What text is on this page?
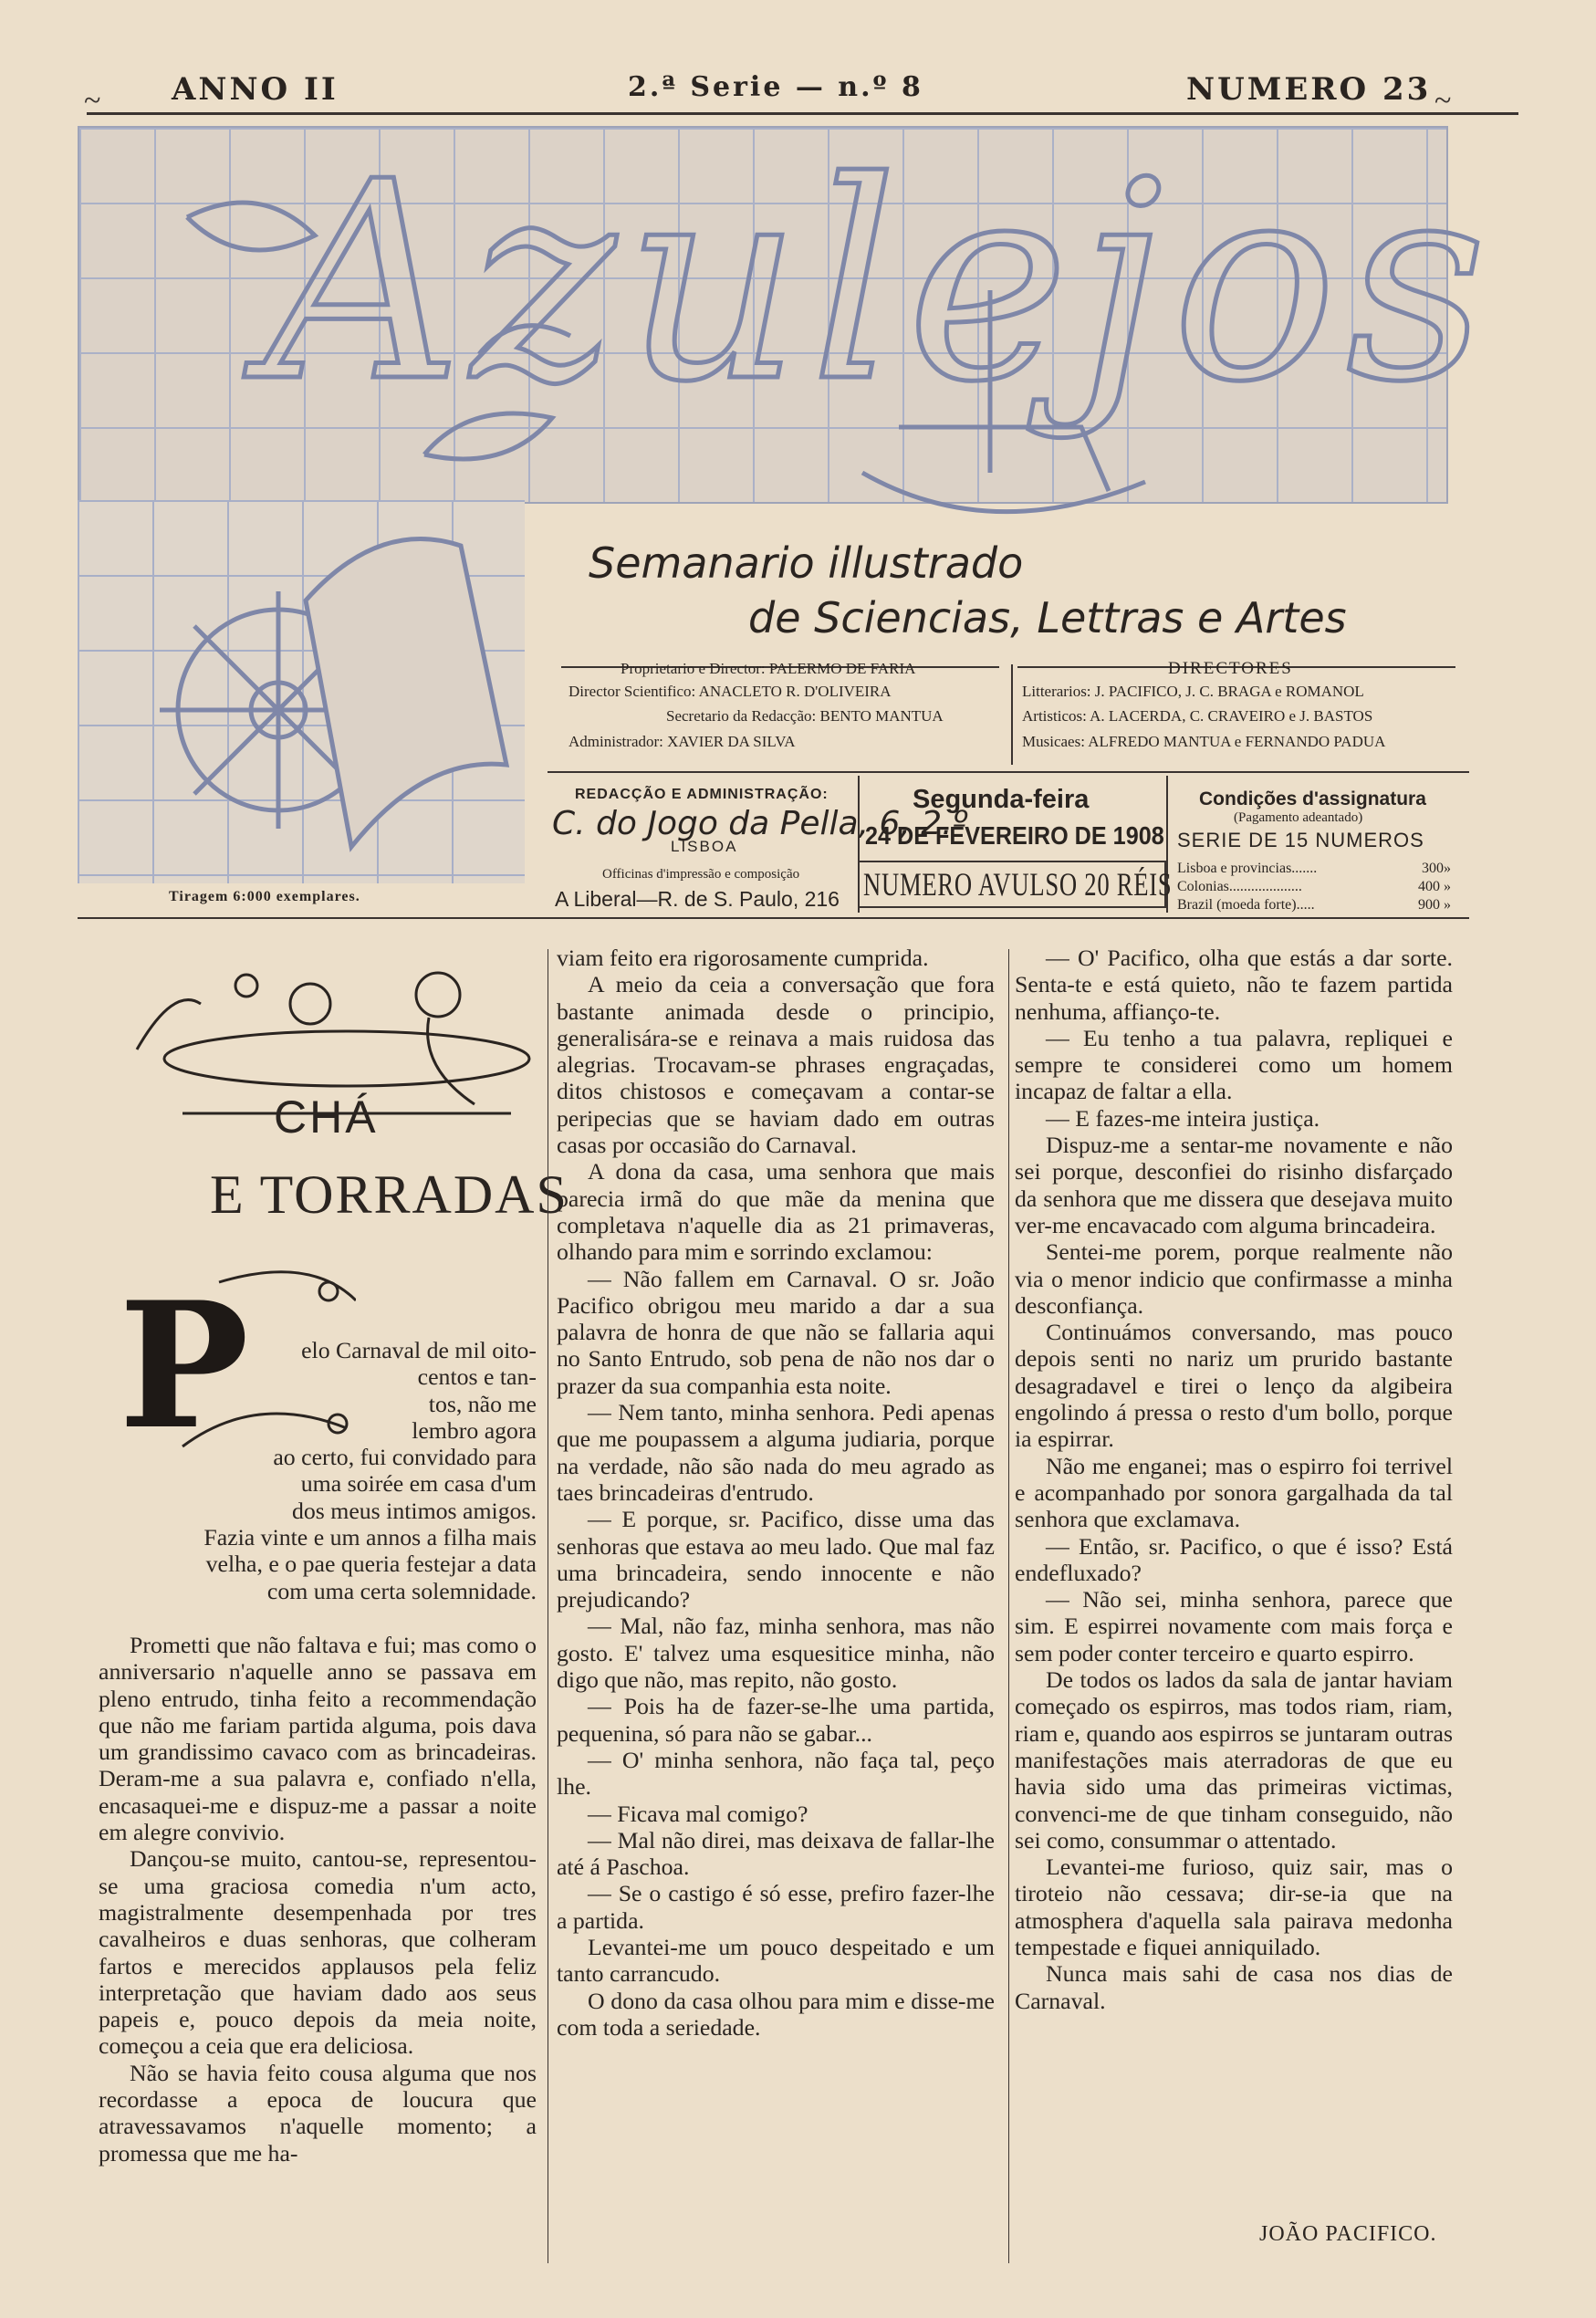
~ ANNO II	2.ª Serie — n.º 8	NUMERO 23 ~
Azulejos
Tiragem 6:000 exemplares.
Semanario illustrado
de Sciencias, Lettras e Artes
Proprietario e Director: PALERMO DE FARIA
Director Scientifico: ANACLETO R. D'OLIVEIRA
Secretario da Redacção: BENTO MANTUA
Administrador: XAVIER DA SILVA
DIRECTORES
Litterarios: J. PACIFICO, J. C. BRAGA e ROMANOL
Artisticos: A. LACERDA, C. CRAVEIRO e J. BASTOS
Musicaes: ALFREDO MANTUA e FERNANDO PADUA
REDACÇÃO E ADMINISTRAÇÃO:
C. do Jogo da Pella, 6, 2.º
LISBOA
Officinas d'impressão e composição
A Liberal—R. de S. Paulo, 216
Segunda-feira
24 DE FEVEREIRO DE 1908
NUMERO AVULSO 20 RÉIS
Condições d'assignatura
(Pagamento adeantado)
SERIE DE 15 NUMEROS
Lisboa e provincias.......	300»
Colonias....................	400 »
Brazil (moeda forte).....	900 »
CHÁ
E TORRADAS
P	elo Carnaval de mil oito-
centos e tan-
tos, não me
lembro agora
ao certo, fui convidado para
uma soirée em casa d'um
dos meus intimos amigos.
Fazia vinte e um annos a filha mais
velha, e o pae queria festejar a data
com uma certa solemnidade.

Prometti que não faltava e fui; mas como o anniversario n'aquelle anno se passava em pleno entrudo, tinha feito a recommendação que não me fariam partida alguma, pois dava um grandissimo cavaco com as brincadeiras. Deram-me a sua palavra e, confiado n'ella, encasaquei-me e dispuz-me a passar a noite em alegre convivio.

Dançou-se muito, cantou-se, representou-se uma graciosa comedia n'um acto, magistralmente desempenhada por tres cavalheiros e duas senhoras, que colheram fartos e merecidos applausos pela feliz interpretação que haviam dado aos seus papeis e, pouco depois da meia noite, começou a ceia que era deliciosa.

Não se havia feito cousa alguma que nos recordasse a epoca de loucura que atravessavamos n'aquelle momento; a promessa que me ha-

viam feito era rigorosamente cumprida.

A meio da ceia a conversação que fora bastante animada desde o principio, generalisára-se e reinava a mais ruidosa das alegrias. Trocavam-se phrases engraçadas, ditos chistosos e começavam a contar-se peripecias que se haviam dado em outras casas por occasião do Carnaval.

A dona da casa, uma senhora que mais parecia irmã do que mãe da menina que completava n'aquelle dia as 21 primaveras, olhando para mim e sorrindo exclamou:

— Não fallem em Carnaval. O sr. João Pacifico obrigou meu marido a dar a sua palavra de honra de que não se fallaria aqui no Santo Entrudo, sob pena de não nos dar o prazer da sua companhia esta noite.

— Nem tanto, minha senhora. Pedi apenas que me poupassem a alguma judiaria, porque na verdade, não são nada do meu agrado as taes brincadeiras d'entrudo.

— E porque, sr. Pacifico, disse uma das senhoras que estava ao meu lado. Que mal faz uma brincadeira, sendo innocente e não prejudicando?

— Mal, não faz, minha senhora, mas não gosto. E' talvez uma esquesitice minha, não digo que não, mas repito, não gosto.

— Pois ha de fazer-se-lhe uma partida, pequenina, só para não se gabar...

— O' minha senhora, não faça tal, peço lhe.

— Ficava mal comigo?

— Mal não direi, mas deixava de fallar-lhe até á Paschoa.

— Se o castigo é só esse, prefiro fazer-lhe a partida.

Levantei-me um pouco despeitado e um tanto carrancudo.

O dono da casa olhou para mim e disse-me com toda a seriedade.

— O' Pacifico, olha que estás a dar sorte. Senta-te e está quieto, não te fazem partida nenhuma, affianço-te.

— Eu tenho a tua palavra, repliquei e sempre te considerei como um homem incapaz de faltar a ella.

— E fazes-me inteira justiça.

Dispuz-me a sentar-me novamente e não sei porque, desconfiei do risinho disfarçado da senhora que me dissera que desejava muito ver-me encavacado com alguma brincadeira.

Sentei-me porem, porque realmente não via o menor indicio que confirmasse a minha desconfiança.

Continuámos conversando, mas pouco depois senti no nariz um prurido bastante desagradavel e tirei o lenço da algibeira engolindo á pressa o resto d'um bollo, porque ia espirrar.

Não me enganei; mas o espirro foi terrivel e acompanhado por sonora gargalhada da tal senhora que exclamava.

— Então, sr. Pacifico, o que é isso? Está endefluxado?

— Não sei, minha senhora, parece que sim. E espirrei novamente com mais força e sem poder conter terceiro e quarto espirro.

De todos os lados da sala de jantar haviam começado os espirros, mas todos riam, riam, riam e, quando aos espirros se juntaram outras manifestações mais aterradoras de que eu havia sido uma das primeiras victimas, convenci-me de que tinham conseguido, não sei como, consummar o attentado.

Levantei-me furioso, quiz sair, mas o tiroteio não cessava; dir-se-ia que na atmosphera d'aquella sala pairava medonha tempestade e fiquei anniquilado.

Nunca mais sahi de casa nos dias de Carnaval.

JOÃO PACIFICO.
